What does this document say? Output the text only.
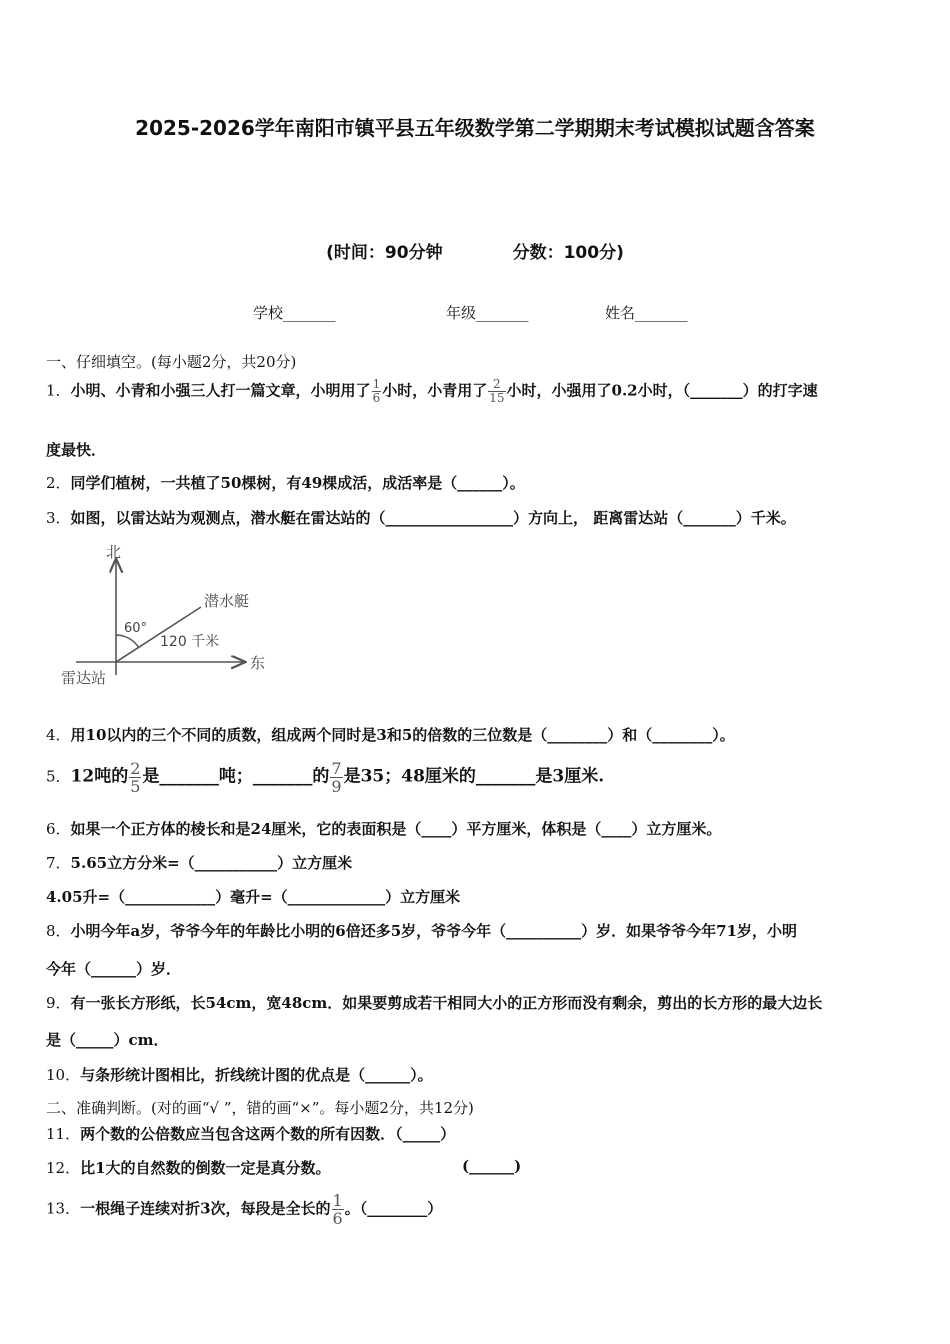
2025-2026学年南阳市镇平县五年级数学第二学期期末考试模拟试题含答案
(时间：90分钟	分数：100分)
学校_______	年级_______	姓名_______
一、仔细填空。(每小题2分，共20分)
1．小明、小青和小强三人打一篇文章，小明用了 $\frac{1}{6}$ 小时，小青用了 $\frac{2}{15}$ 小时，小强用了0.2小时，（_______）的打字速
度最快．
2．同学们植树，一共植了50棵树，有49棵成活，成活率是（______）。
3．如图，以雷达站为观测点，潜水艇在雷达站的（_________________）方向上， 距离雷达站（_______）千米。
北
东
雷达站
潜水艇
60°
120 千米
4．用10以内的三个不同的质数，组成两个同时是3和5的倍数的三位数是（________）和（________）。
5．12吨的 $\frac{2}{5}$ 是_______吨；_______的 $\frac{7}{9}$ 是35；48厘米的_______是3厘米.
6．如果一个正方体的棱长和是24厘米，它的表面积是（____）平方厘米，体积是（____）立方厘米。
7．5.65立方分米=（___________）立方厘米
4.05升=（____________）毫升=（_____________）立方厘米
8．小明今年a岁，爷爷今年的年龄比小明的6倍还多5岁，爷爷今年（__________）岁．如果爷爷今年71岁，小明
今年（______）岁．
9．有一张长方形纸，长54cm，宽48cm．如果要剪成若干相同大小的正方形而没有剩余，剪出的长方形的最大边长
是（_____）cm．
10．与条形统计图相比，折线统计图的优点是（______）。
二、准确判断。(对的画“√ ”，错的画“×”。每小题2分，共12分)
11．两个数的公倍数应当包含这两个数的所有因数．（_____）
12．比1大的自然数的倒数一定是真分数。	(______)
13．一根绳子连续对折3次，每段是全长的 $\frac{1}{6}$ 。（________）
